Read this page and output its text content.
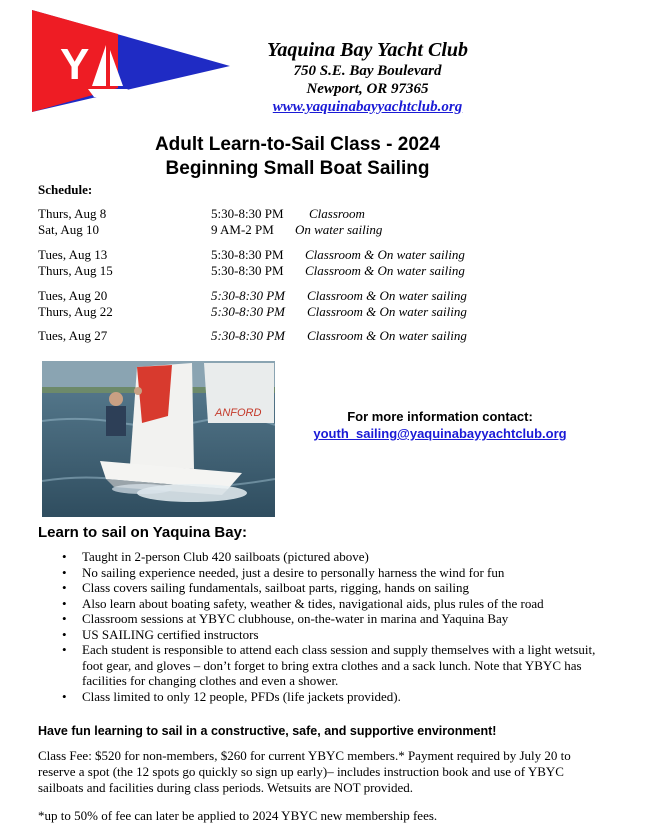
Y	Yaquina Bay Yacht Club
750 S.E. Bay Boulevard
Newport, OR 97365
www.yaquinabayyachtclub.org
Adult Learn-to-Sail Class - 2024
Beginning Small Boat Sailing
Schedule:
Thurs, Aug 8	5:30-8:30 PM Classroom
Sat, Aug 10	9 AM-2 PM On water sailing
Tues, Aug 13	5:30-8:30 PM Classroom & On water sailing
Thurs, Aug 15	5:30-8:30 PM Classroom & On water sailing
Tues, Aug 20	5:30-8:30 PM Classroom & On water sailing
Thurs, Aug 22	5:30-8:30 PM Classroom & On water sailing
Tues, Aug 27	5:30-8:30 PM Classroom & On water sailing
ANFORD	For more information contact:
youth_sailing@yaquinabayyachtclub.org
Learn to sail on Yaquina Bay:
• Taught in 2-person Club 420 sailboats (pictured above)
• No sailing experience needed, just a desire to personally harness the wind for fun
• Class covers sailing fundamentals, sailboat parts, rigging, hands on sailing
• Also learn about boating safety, weather & tides, navigational aids, plus rules of the road
• Classroom sessions at YBYC clubhouse, on-the-water in marina and Yaquina Bay
• US SAILING certified instructors
• Each student is responsible to attend each class session and supply themselves with a light wetsuit, foot gear, and gloves – don’t forget to bring extra clothes and a sack lunch. Note that YBYC has facilities for changing clothes and even a shower.
• Class limited to only 12 people, PFDs (life jackets provided).
Have fun learning to sail in a constructive, safe, and supportive environment!
Class Fee: $520 for non-members, $260 for current YBYC members.* Payment required by July 20 to reserve a spot (the 12 spots go quickly so sign up early)– includes instruction book and use of YBYC sailboats and facilities during class periods. Wetsuits are NOT provided.
*up to 50% of fee can later be applied to 2024 YBYC new membership fees.
